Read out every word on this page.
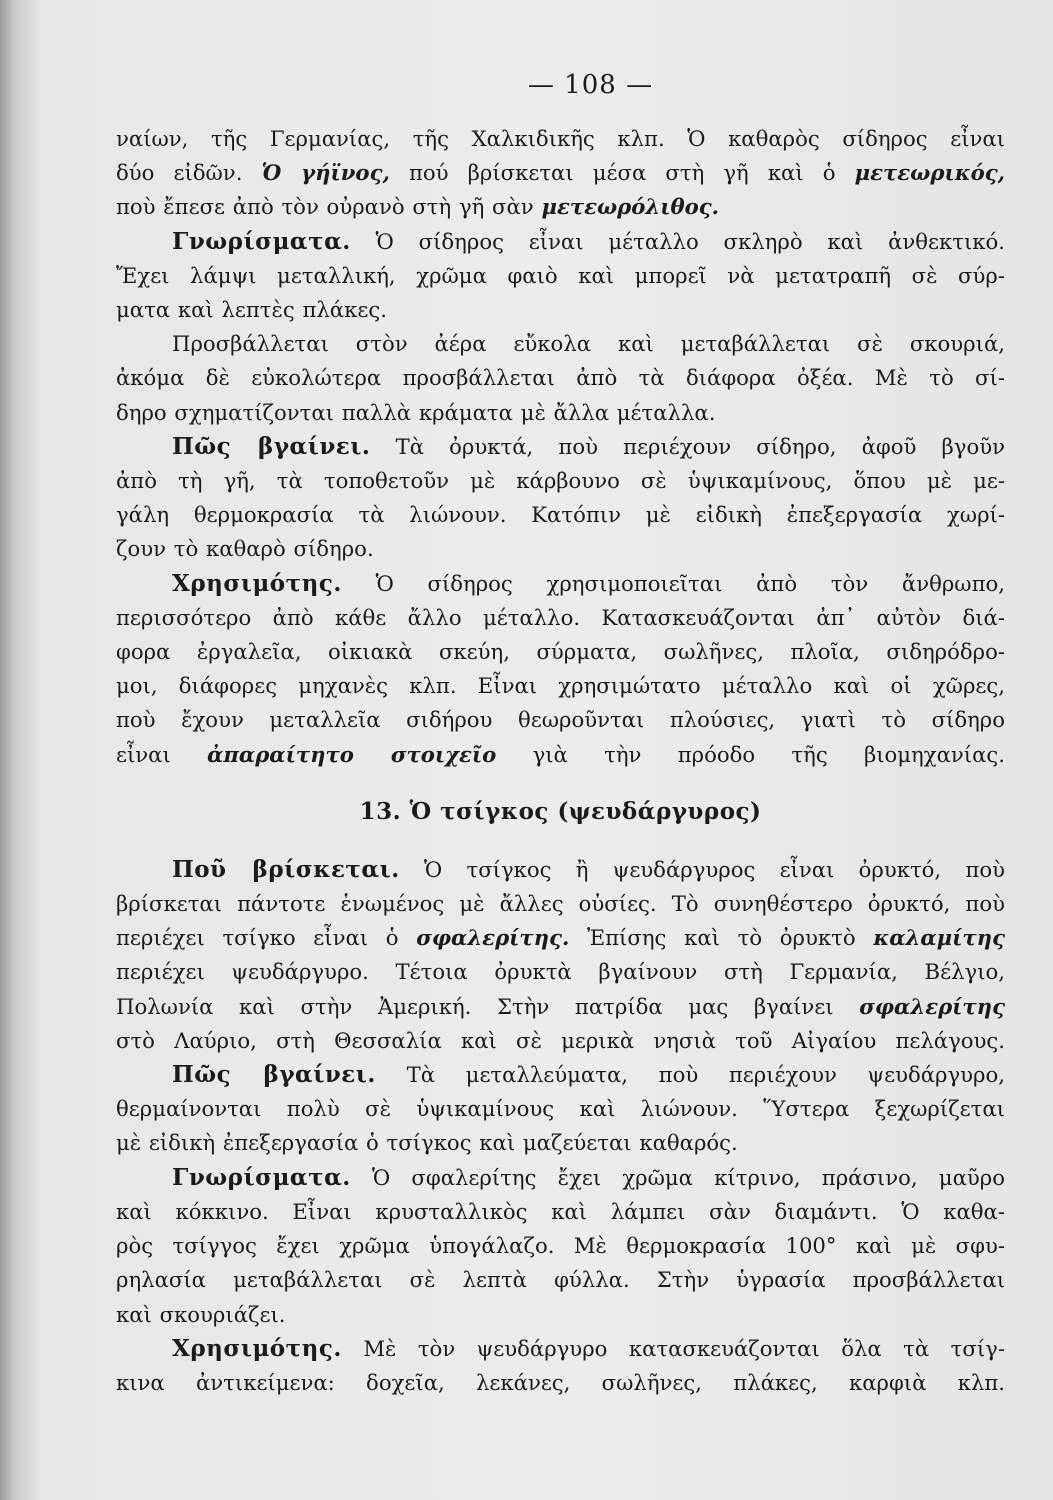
— 108 —
ναίων, τῆς Γερμανίας, τῆς Χαλκιδικῆς κλπ. Ὁ καθαρὸς σίδηρος εἶναι
δύο εἰδῶν. Ὁ γήϊνος, πού βρίσκεται μέσα στὴ γῆ καὶ ὁ μετεωρικός,
ποὺ ἔπεσε ἀπὸ τὸν οὐρανὸ στὴ γῆ σὰν μετεωρόλιθος.
Γνωρίσματα. Ὁ σίδηρος εἶναι μέταλλο σκληρὸ καὶ ἀνθεκτικό.
Ἔχει λάμψι μεταλλική, χρῶμα φαιὸ καὶ μπορεῖ νὰ μετατραπῆ σὲ σύρ-
ματα καὶ λεπτὲς πλάκες.
Προσβάλλεται στὸν ἀέρα εὔκολα καὶ μεταβάλλεται σὲ σκουριά,
ἀκόμα δὲ εὐκολώτερα προσβάλλεται ἀπὸ τὰ διάφορα ὀξέα. Μὲ τὸ σί-
δηρο σχηματίζονται παλλὰ κράματα μὲ ἄλλα μέταλλα.
Πῶς βγαίνει. Τὰ ὀρυκτά, ποὺ περιέχουν σίδηρο, ἀφοῦ βγοῦν
ἀπὸ τὴ γῆ, τὰ τοποθετοῦν μὲ κάρβουνο σὲ ὑψικαμίνους, ὅπου μὲ με-
γάλη θερμοκρασία τὰ λιώνουν. Κατόπιν μὲ εἰδικὴ ἐπεξεργασία χωρί-
ζουν τὸ καθαρὸ σίδηρο.
Χρησιμότης. Ὁ σίδηρος χρησιμοποιεῖται ἀπὸ τὸν ἄνθρωπο,
περισσότερο ἀπὸ κάθε ἄλλο μέταλλο. Κατασκευάζονται ἀπ᾿ αὐτὸν διά-
φορα ἐργαλεῖα, οἰκιακὰ σκεύη, σύρματα, σωλῆνες, πλοῖα, σιδηρόδρο-
μοι, διάφορες μηχανὲς κλπ. Εἶναι χρησιμώτατο μέταλλο καὶ οἱ χῶρες,
ποὺ ἔχουν μεταλλεῖα σιδήρου θεωροῦνται πλούσιες, γιατὶ τὸ σίδηρο
εἶναι ἀπαραίτητο στοιχεῖο γιὰ τὴν πρόοδο τῆς βιομηχανίας.
13. Ὁ τσίγκος (ψευδάργυρος)
Ποῦ βρίσκεται. Ὁ τσίγκος ἢ ψευδάργυρος εἶναι ὀρυκτό, ποὺ
βρίσκεται πάντοτε ἑνωμένος μὲ ἄλλες οὐσίες. Τὸ συνηθέστερο ὀρυκτό, ποὺ
περιέχει τσίγκο εἶναι ὁ σφαλερίτης. Ἐπίσης καὶ τὸ ὀρυκτὸ καλαμίτης
περιέχει ψευδάργυρο. Τέτοια ὀρυκτὰ βγαίνουν στὴ Γερμανία, Βέλγιο,
Πολωνία καὶ στὴν Ἀμερική. Στὴν πατρίδα μας βγαίνει σφαλερίτης
στὸ Λαύριο, στὴ Θεσσαλία καὶ σὲ μερικὰ νησιὰ τοῦ Αἰγαίου πελάγους.
Πῶς βγαίνει. Τὰ μεταλλεύματα, ποὺ περιέχουν ψευδάργυρο,
θερμαίνονται πολὺ σὲ ὑψικαμίνους καὶ λιώνουν. Ὕστερα ξεχωρίζεται
μὲ εἰδικὴ ἐπεξεργασία ὁ τσίγκος καὶ μαζεύεται καθαρός.
Γνωρίσματα. Ὁ σφαλερίτης ἔχει χρῶμα κίτρινο, πράσινο, μαῦρο
καὶ κόκκινο. Εἶναι κρυσταλλικὸς καὶ λάμπει σὰν διαμάντι. Ὁ καθα-
ρὸς τσίγγος ἔχει χρῶμα ὑπογάλαζο. Μὲ θερμοκρασία 100° καὶ μὲ σφυ-
ρηλασία μεταβάλλεται σὲ λεπτὰ φύλλα. Στὴν ὑγρασία προσβάλλεται
καὶ σκουριάζει.
Χρησιμότης. Μὲ τὸν ψευδάργυρο κατασκευάζονται ὅλα τὰ τσίγ-
κινα ἀντικείμενα: δοχεῖα, λεκάνες, σωλῆνες, πλάκες, καρφιὰ κλπ.
